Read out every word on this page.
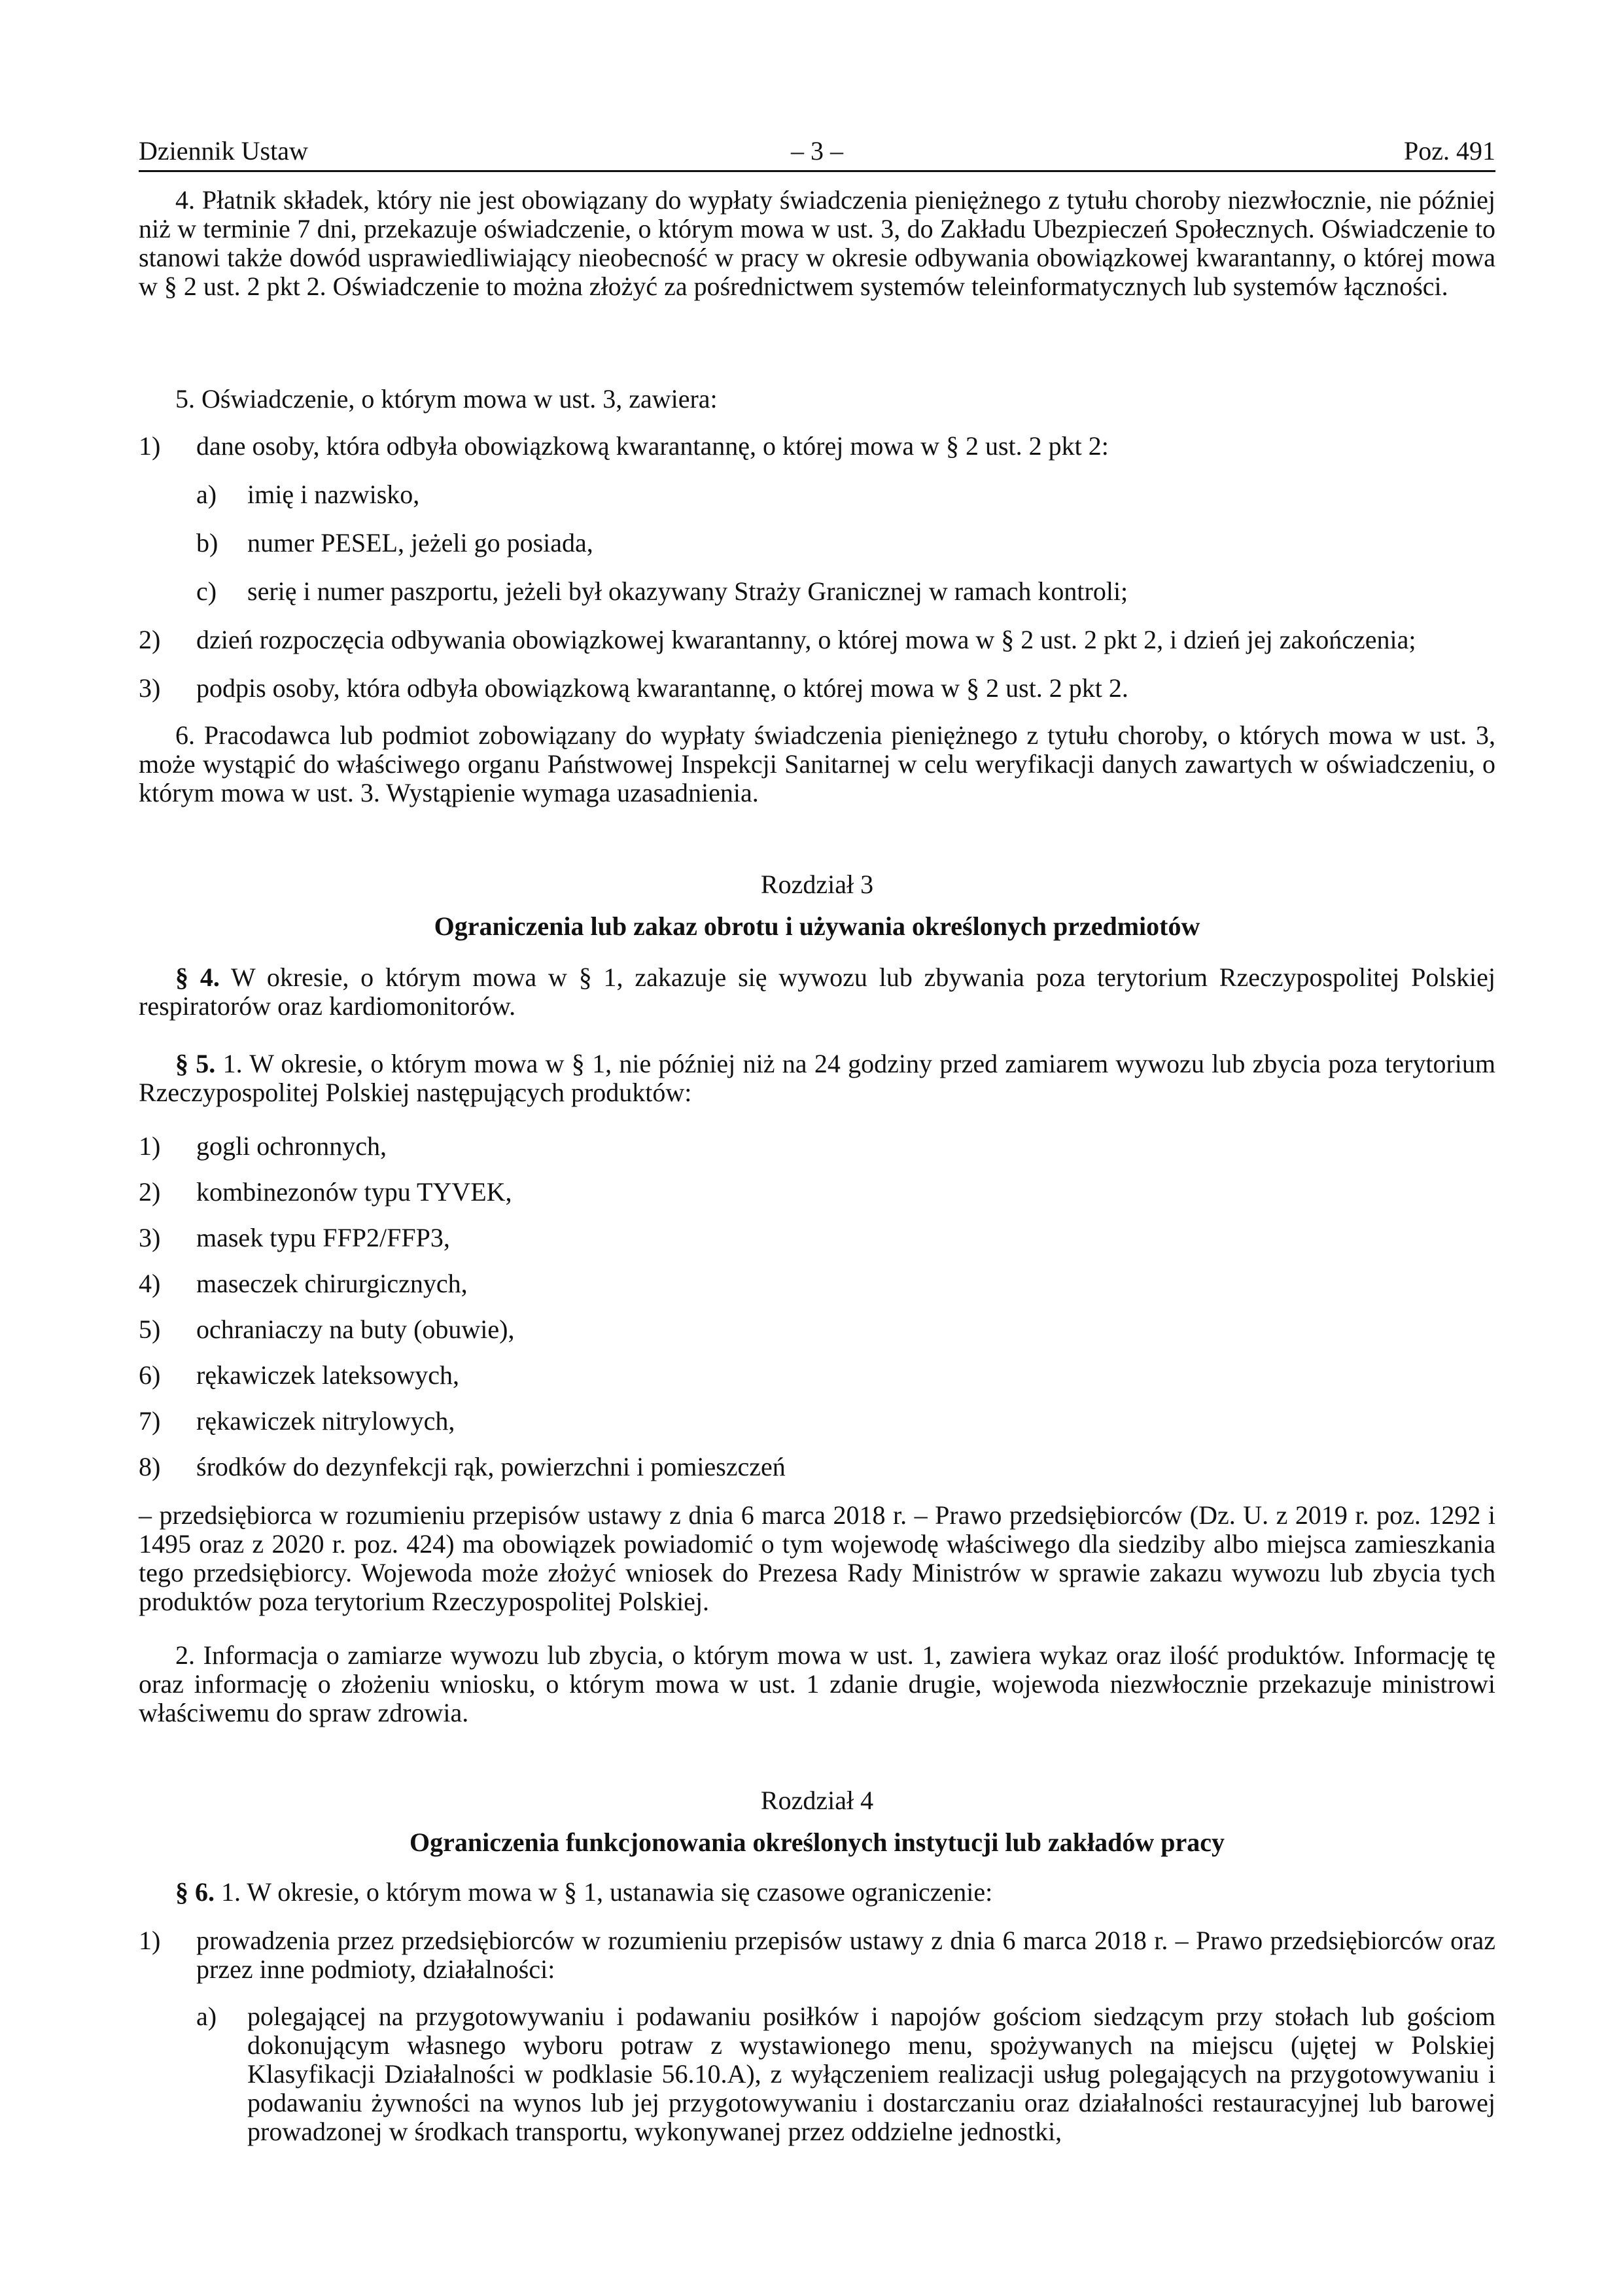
Dziennik Ustaw	– 3 –	Poz. 491
4. Płatnik składek, który nie jest obowiązany do wypłaty świadczenia pieniężnego z tytułu choroby niezwłocznie, nie później niż w terminie 7 dni, przekazuje oświadczenie, o którym mowa w ust. 3, do Zakładu Ubezpieczeń Społecznych. Oświadczenie to stanowi także dowód usprawiedliwiający nieobecność w pracy w okresie odbywania obowiązkowej kwarantanny, o której mowa w § 2 ust. 2 pkt 2. Oświadczenie to można złożyć za pośrednictwem systemów teleinformatycznych lub systemów łączności.
5. Oświadczenie, o którym mowa w ust. 3, zawiera:
1) dane osoby, która odbyła obowiązkową kwarantannę, o której mowa w § 2 ust. 2 pkt 2:
a) imię i nazwisko,
b) numer PESEL, jeżeli go posiada,
c) serię i numer paszportu, jeżeli był okazywany Straży Granicznej w ramach kontroli;
2) dzień rozpoczęcia odbywania obowiązkowej kwarantanny, o której mowa w § 2 ust. 2 pkt 2, i dzień jej zakończenia;
3) podpis osoby, która odbyła obowiązkową kwarantannę, o której mowa w § 2 ust. 2 pkt 2.
6. Pracodawca lub podmiot zobowiązany do wypłaty świadczenia pieniężnego z tytułu choroby, o których mowa w ust. 3, może wystąpić do właściwego organu Państwowej Inspekcji Sanitarnej w celu weryfikacji danych zawartych w oświadczeniu, o którym mowa w ust. 3. Wystąpienie wymaga uzasadnienia.
Rozdział 3
Ograniczenia lub zakaz obrotu i używania określonych przedmiotów
§ 4. W okresie, o którym mowa w § 1, zakazuje się wywozu lub zbywania poza terytorium Rzeczypospolitej Polskiej respiratorów oraz kardiomonitorów.
§ 5. 1. W okresie, o którym mowa w § 1, nie później niż na 24 godziny przed zamiarem wywozu lub zbycia poza terytorium Rzeczypospolitej Polskiej następujących produktów:
1) gogli ochronnych,
2) kombinezonów typu TYVEK,
3) masek typu FFP2/FFP3,
4) maseczek chirurgicznych,
5) ochraniaczy na buty (obuwie),
6) rękawiczek lateksowych,
7) rękawiczek nitrylowych,
8) środków do dezynfekcji rąk, powierzchni i pomieszczeń
– przedsiębiorca w rozumieniu przepisów ustawy z dnia 6 marca 2018 r. – Prawo przedsiębiorców (Dz. U. z 2019 r. poz. 1292 i 1495 oraz z 2020 r. poz. 424) ma obowiązek powiadomić o tym wojewodę właściwego dla siedziby albo miejsca zamieszkania tego przedsiębiorcy. Wojewoda może złożyć wniosek do Prezesa Rady Ministrów w sprawie zakazu wywozu lub zbycia tych produktów poza terytorium Rzeczypospolitej Polskiej.
2. Informacja o zamiarze wywozu lub zbycia, o którym mowa w ust. 1, zawiera wykaz oraz ilość produktów. Informację tę oraz informację o złożeniu wniosku, o którym mowa w ust. 1 zdanie drugie, wojewoda niezwłocznie przekazuje ministrowi właściwemu do spraw zdrowia.
Rozdział 4
Ograniczenia funkcjonowania określonych instytucji lub zakładów pracy
§ 6. 1. W okresie, o którym mowa w § 1, ustanawia się czasowe ograniczenie:
1) prowadzenia przez przedsiębiorców w rozumieniu przepisów ustawy z dnia 6 marca 2018 r. – Prawo przedsiębiorców oraz przez inne podmioty, działalności:
a) polegającej na przygotowywaniu i podawaniu posiłków i napojów gościom siedzącym przy stołach lub gościom dokonującym własnego wyboru potraw z wystawionego menu, spożywanych na miejscu (ujętej w Polskiej Klasyfikacji Działalności w podklasie 56.10.A), z wyłączeniem realizacji usług polegających na przygotowywaniu i podawaniu żywności na wynos lub jej przygotowywaniu i dostarczaniu oraz działalności restauracyjnej lub barowej prowadzonej w środkach transportu, wykonywanej przez oddzielne jednostki,
